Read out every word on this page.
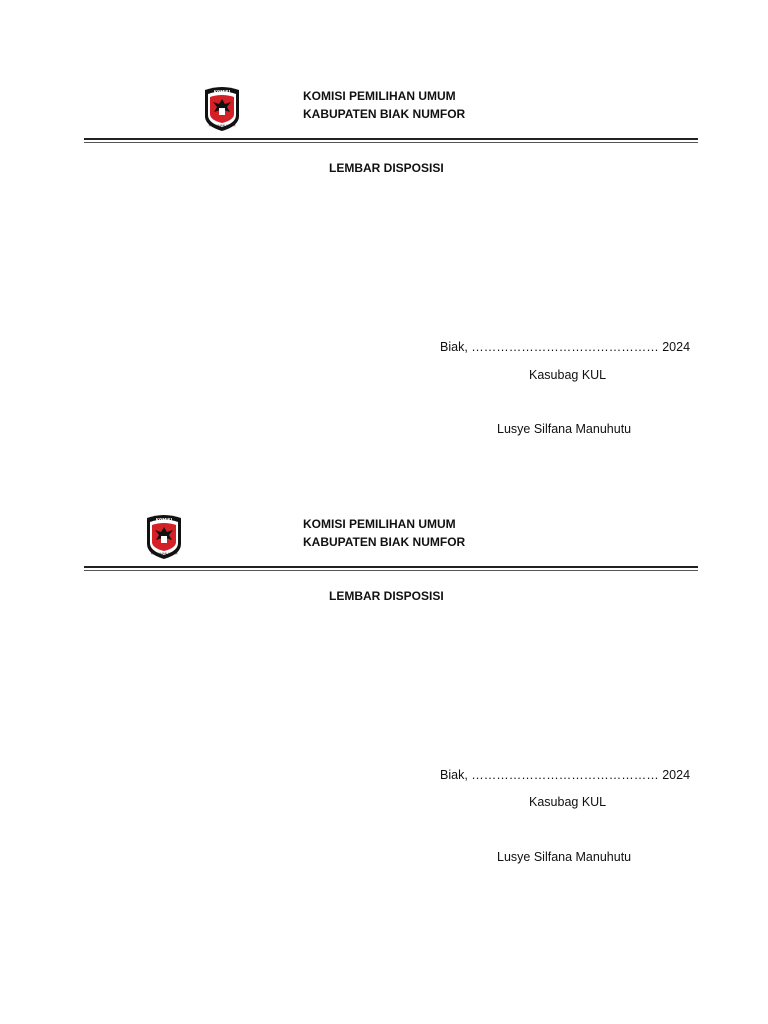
KOMISI
PEMILIHAN UMUM
KOMISI PEMILIHAN UMUM
KABUPATEN BIAK NUMFOR
LEMBAR DISPOSISI
Biak, ……………………………………… 2024
Kasubag KUL
Lusye Silfana Manuhutu
KOMISI
PEMILIHAN UMUM
KOMISI PEMILIHAN UMUM
KABUPATEN BIAK NUMFOR
LEMBAR DISPOSISI
Biak, ……………………………………… 2024
Kasubag KUL
Lusye Silfana Manuhutu
